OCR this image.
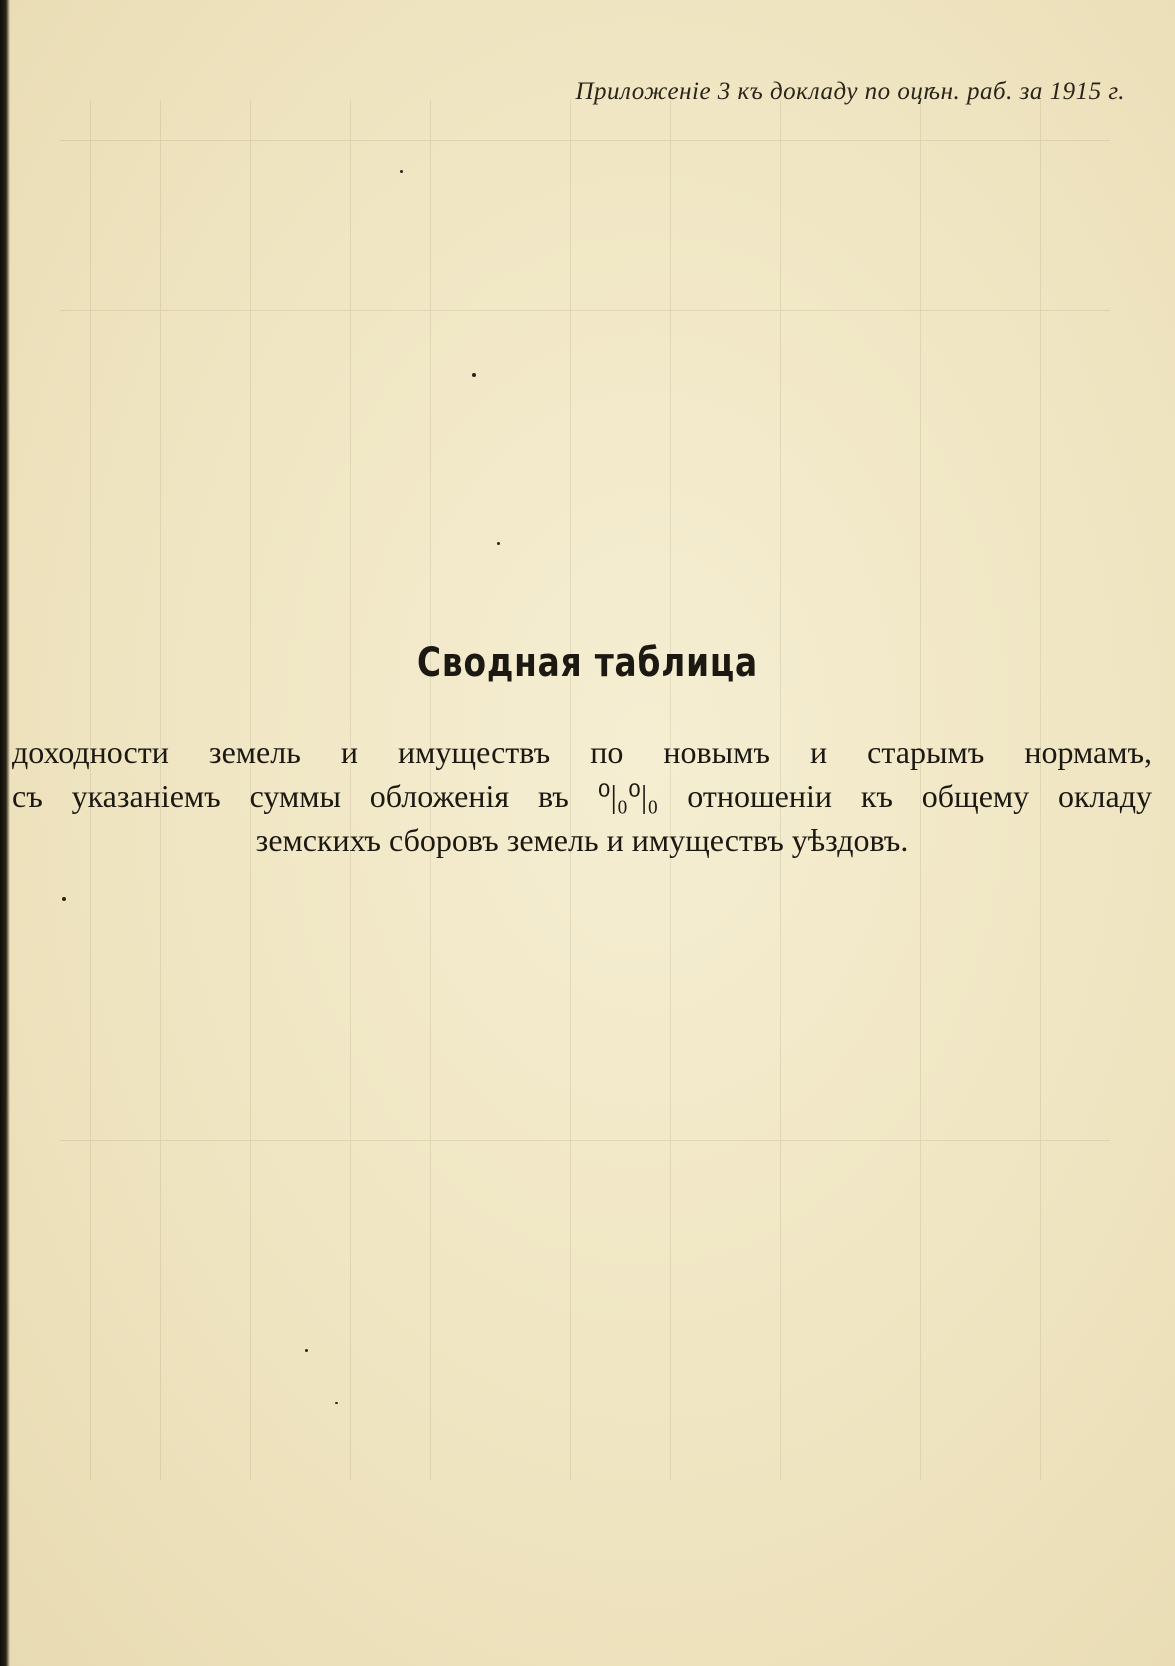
Приложенiе 3 къ докладу по оцѣн. раб. за 1915 г.
Сводная таблица
доходности земель и имуществъ по новымъ и старымъ нормамъ,
съ указанiемъ суммы обложенiя въ ⁰|₀⁰|₀ отношенiи къ общему окладу
земскихъ сборовъ земель и имуществъ уѣздовъ.
